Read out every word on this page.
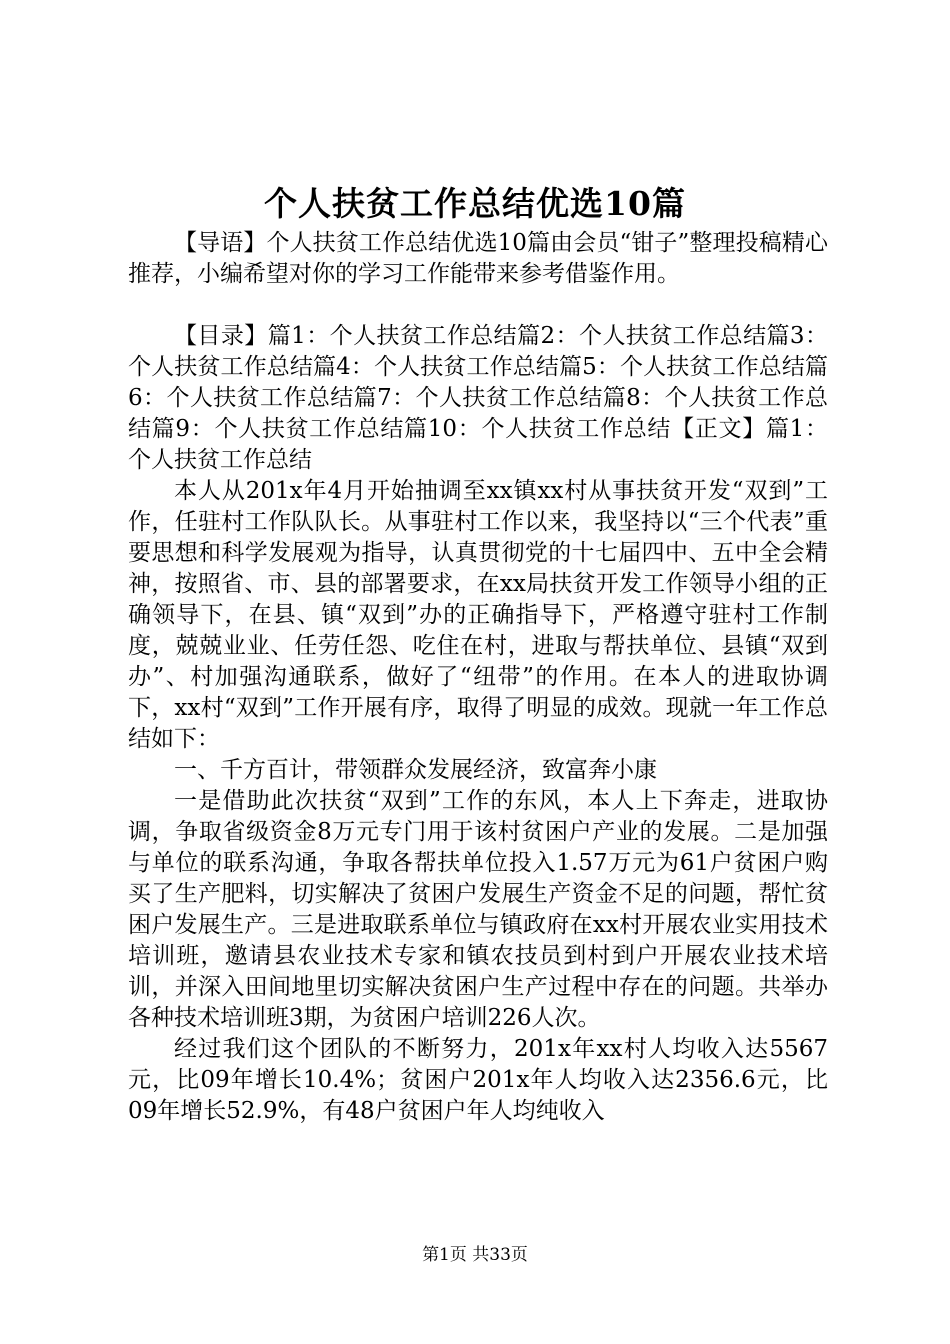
个人扶贫工作总结优选10篇

【导语】个人扶贫工作总结优选10篇由会员“钳子”整理投稿精心推荐，小编希望对你的学习工作能带来参考借鉴作用。

【目录】篇1：个人扶贫工作总结篇2：个人扶贫工作总结篇3：个人扶贫工作总结篇4：个人扶贫工作总结篇5：个人扶贫工作总结篇6：个人扶贫工作总结篇7：个人扶贫工作总结篇8：个人扶贫工作总结篇9：个人扶贫工作总结篇10：个人扶贫工作总结【正文】篇1：个人扶贫工作总结

本人从201x年4月开始抽调至xx镇xx村从事扶贫开发“双到”工作，任驻村工作队队长。从事驻村工作以来，我坚持以“三个代表”重要思想和科学发展观为指导，认真贯彻党的十七届四中、五中全会精神，按照省、市、县的部署要求，在xx局扶贫开发工作领导小组的正确领导下，在县、镇“双到”办的正确指导下，严格遵守驻村工作制度，兢兢业业、任劳任怨、吃住在村，进取与帮扶单位、县镇“双到办”、村加强沟通联系，做好了“纽带”的作用。在本人的进取协调下，xx村“双到”工作开展有序，取得了明显的成效。现就一年工作总结如下：

一、千方百计，带领群众发展经济，致富奔小康

一是借助此次扶贫“双到”工作的东风，本人上下奔走，进取协调，争取省级资金8万元专门用于该村贫困户产业的发展。二是加强与单位的联系沟通，争取各帮扶单位投入1.57万元为61户贫困户购买了生产肥料，切实解决了贫困户发展生产资金不足的问题，帮忙贫困户发展生产。三是进取联系单位与镇政府在xx村开展农业实用技术培训班，邀请县农业技术专家和镇农技员到村到户开展农业技术培训，并深入田间地里切实解决贫困户生产过程中存在的问题。共举办各种技术培训班3期，为贫困户培训226人次。

经过我们这个团队的不断努力，201x年xx村人均收入达5567元，比09年增长10.4%；贫困户201x年人均收入达2356.6元，比09年增长52.9%，有48户贫困户年人均纯收入

第1页 共33页
